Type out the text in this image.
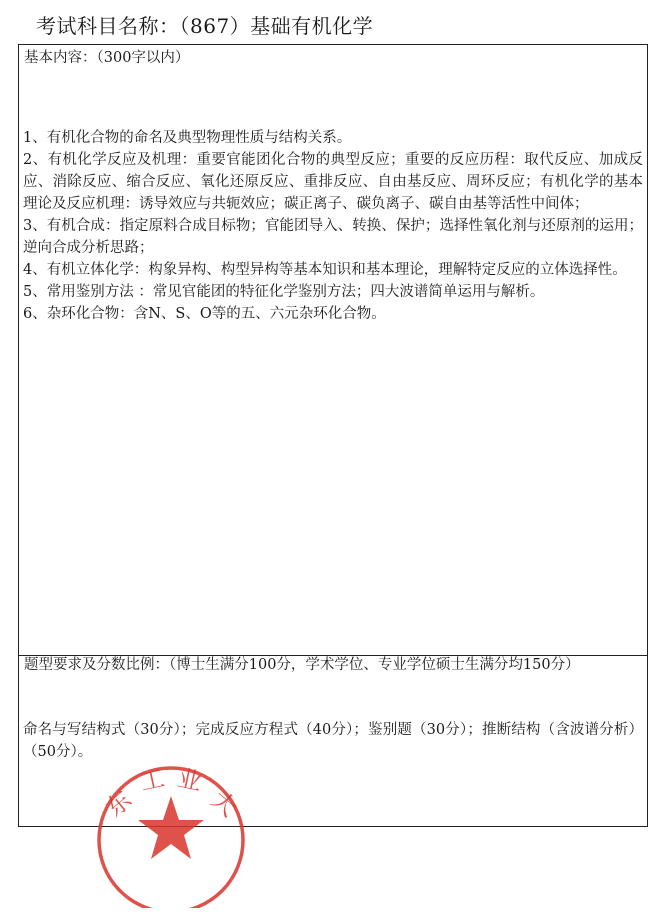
考试科目名称：（867）基础有机化学
基本内容：（300字以内）

1、有机化合物的命名及典型物理性质与结构关系。

2、有机化学反应及机理：重要官能团化合物的典型反应；重要的反应历程：取代反应、加成反应、消除反应、缩合反应、氧化还原反应、重排反应、自由基反应、周环反应；有机化学的基本理论及反应机理：诱导效应与共轭效应；碳正离子、碳负离子、碳自由基等活性中间体；

3、有机合成：指定原料合成目标物；官能团导入、转换、保护；选择性氧化剂与还原剂的运用；逆向合成分析思路；

4、有机立体化学：构象异构、构型异构等基本知识和基本理论，理解特定反应的立体选择性。

5、常用鉴别方法 ：常见官能团的特征化学鉴别方法；四大波谱简单运用与解析。

6、杂环化合物：含N、S、O等的五、六元杂环化合物。

题型要求及分数比例：（博士生满分100分，学术学位、专业学位硕士生满分均150分）
命名与写结构式（30分）；完成反应方程式（40分）；鉴别题（30分）；推断结构（含波谱分析）（50分）。
东
工 业
大
